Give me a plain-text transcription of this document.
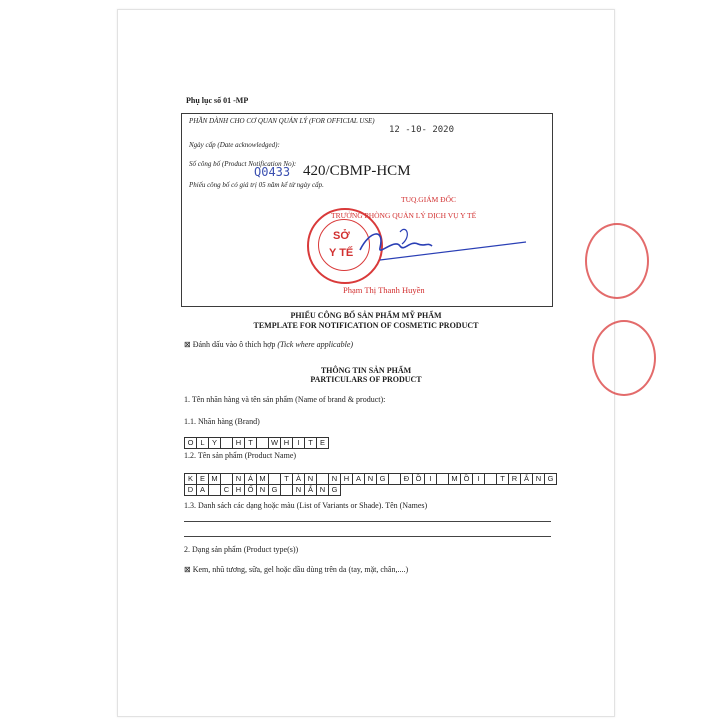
Phụ lục số 01 -MP
PHẦN DÀNH CHO CƠ QUAN QUẢN LÝ (FOR OFFICIAL USE)
12 -10- 2020
Ngày cấp (Date acknowledged):
Số công bố (Product Notification No):
Q0433 420/CBMP-HCM
Phiếu công bố có giá trị 05 năm kể từ ngày cấp.
SỞ
Y TẾ
TUQ.GIÁM ĐỐC
TRƯỞNG PHÒNG QUẢN LÝ DỊCH VỤ Y TẾ
Phạm Thị Thanh Huyền
PHIẾU CÔNG BỐ SẢN PHẨM MỸ PHẨM
TEMPLATE FOR NOTIFICATION OF COSMETIC PRODUCT
⊠ Đánh dấu vào ô thích hợp (Tick where applicable)
THÔNG TIN SẢN PHẨM
PARTICULARS OF PRODUCT
1. Tên nhãn hàng và tên sản phẩm (Name of brand & product):
1.1. Nhãn hàng (Brand)
O L Y	H T	W H	I	T E
1.2. Tên sản phẩm (Product Name)
K E M	N Á M	T À N	N H A N G	Đ Ồ	I	M Ồ	I	T R Ắ N G
D A	C H Ố N G	N Ắ N G
1.3. Danh sách các dạng hoặc màu (List of Variants or Shade). Tên (Names)
2. Dạng sản phẩm (Product type(s))
⊠ Kem, nhũ tương, sữa, gel hoặc dầu dùng trên da (tay, mặt, chân,....)
